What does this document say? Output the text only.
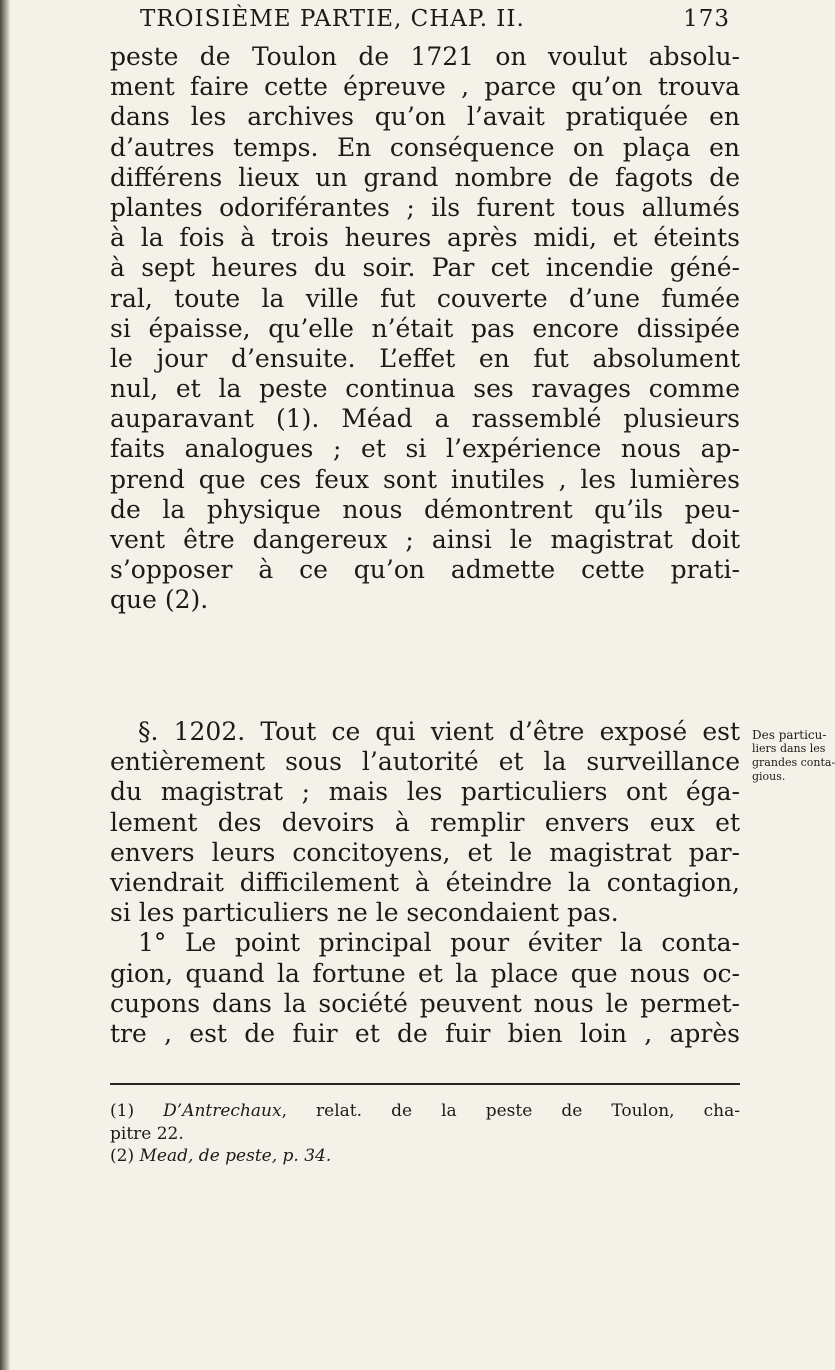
TROISIÈME PARTIE, CHAP. II.	173
peste de Toulon de 1721 on voulut absolu-
ment faire cette épreuve , parce qu’on trouva
dans les archives qu’on l’avait pratiquée en
d’autres temps. En conséquence on plaça en
différens lieux un grand nombre de fagots de
plantes odoriférantes ; ils furent tous allumés
à la fois à trois heures après midi, et éteints
à sept heures du soir. Par cet incendie géné-
ral, toute la ville fut couverte d’une fumée
si épaisse, qu’elle n’était pas encore dissipée
le jour d’ensuite. L’effet en fut absolument
nul, et la peste continua ses ravages comme
auparavant (1). Méad a rassemblé plusieurs
faits analogues ; et si l’expérience nous ap-
prend que ces feux sont inutiles , les lumières
de la physique nous démontrent qu’ils peu-
vent être dangereux ; ainsi le magistrat doit
s’opposer à ce qu’on admette cette prati-
que (2).
§. 1202. Tout ce qui vient d’être exposé est
entièrement sous l’autorité et la surveillance
du magistrat ; mais les particuliers ont éga-
lement des devoirs à remplir envers eux et
envers leurs concitoyens, et le magistrat par-
viendrait difficilement à éteindre la contagion,
si les particuliers ne le secondaient pas.
1° Le point principal pour éviter la conta-
gion, quand la fortune et la place que nous oc-
cupons dans la société peuvent nous le permet-
tre , est de fuir et de fuir bien loin , après
Des particu-
liers dans les
grandes conta-
gious.
(1) D’Antrechaux, relat. de la peste de Toulon, cha-
pitre 22.
(2) Mead, de peste, p. 34.
